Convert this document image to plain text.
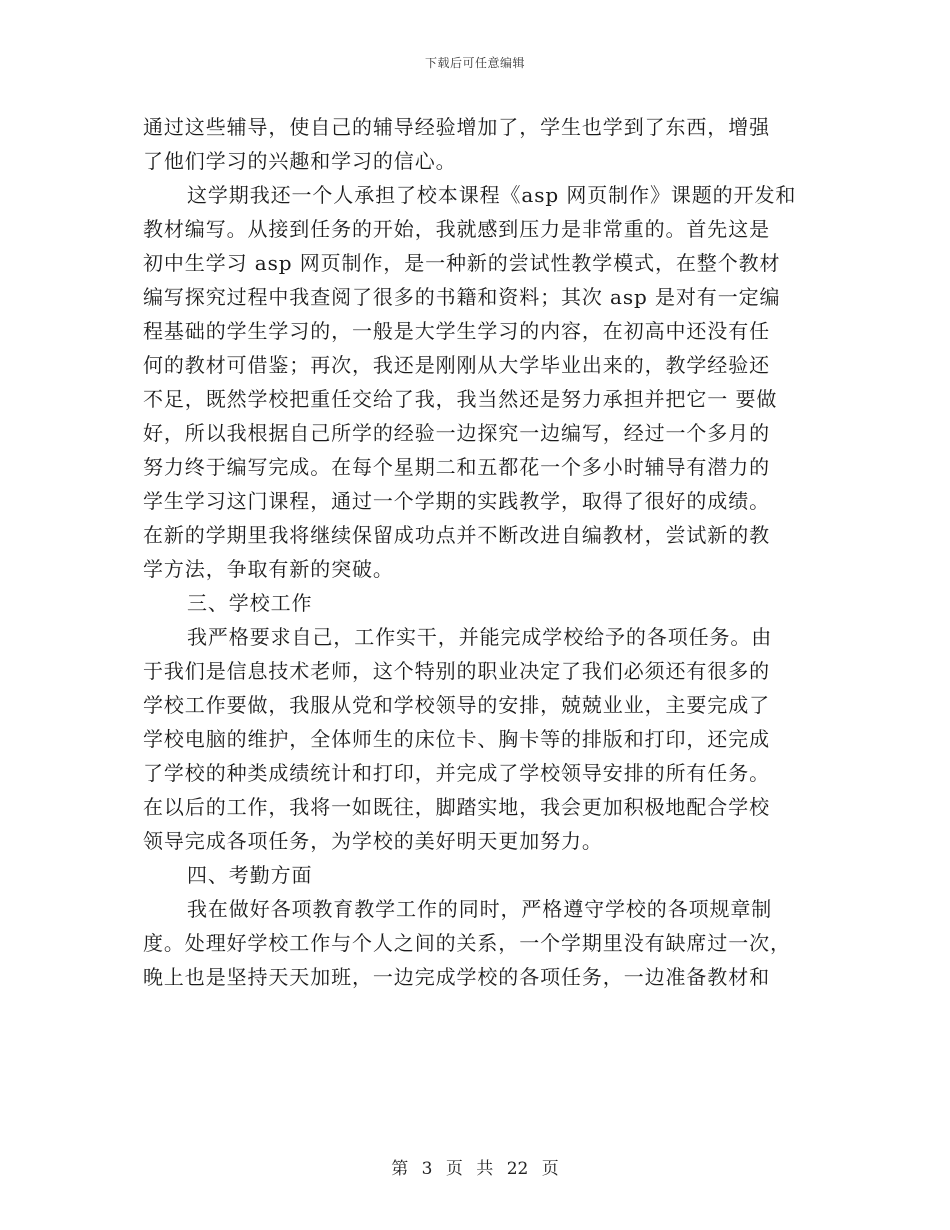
下载后可任意编辑
通过这些辅导，使自己的辅导经验增加了，学生也学到了东西，增强
了他们学习的兴趣和学习的信心。
这学期我还一个人承担了校本课程《asp 网页制作》课题的开发和
教材编写。从接到任务的开始，我就感到压力是非常重的。首先这是
初中生学习 asp 网页制作，是一种新的尝试性教学模式，在整个教材
编写探究过程中我查阅了很多的书籍和资料；其次 asp 是对有一定编
程基础的学生学习的，一般是大学生学习的内容，在初高中还没有任
何的教材可借鉴；再次，我还是刚刚从大学毕业出来的，教学经验还
不足，既然学校把重任交给了我，我当然还是努力承担并把它一 要做
好，所以我根据自己所学的经验一边探究一边编写，经过一个多月的
努力终于编写完成。在每个星期二和五都花一个多小时辅导有潜力的
学生学习这门课程，通过一个学期的实践教学，取得了很好的成绩。
在新的学期里我将继续保留成功点并不断改进自编教材，尝试新的教
学方法，争取有新的突破。
三、学校工作
我严格要求自己，工作实干，并能完成学校给予的各项任务。由
于我们是信息技术老师，这个特别的职业决定了我们必须还有很多的
学校工作要做，我服从党和学校领导的安排，兢兢业业，主要完成了
学校电脑的维护，全体师生的床位卡、胸卡等的排版和打印，还完成
了学校的种类成绩统计和打印，并完成了学校领导安排的所有任务。
在以后的工作，我将一如既往，脚踏实地，我会更加积极地配合学校
领导完成各项任务，为学校的美好明天更加努力。
四、考勤方面
我在做好各项教育教学工作的同时，严格遵守学校的各项规章制
度。处理好学校工作与个人之间的关系，一个学期里没有缺席过一次，
晚上也是坚持天天加班，一边完成学校的各项任务，一边准备教材和
第 3 页 共 22 页
